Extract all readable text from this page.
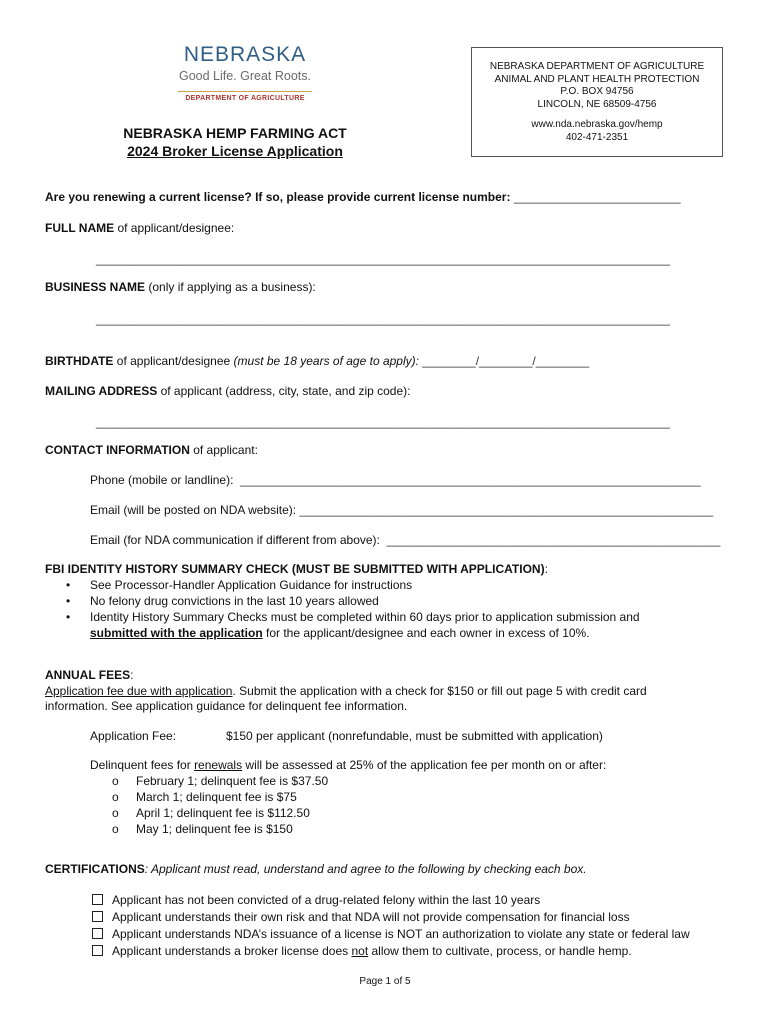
NEBRASKA
Good Life. Great Roots.
DEPARTMENT OF AGRICULTURE
NEBRASKA HEMP FARMING ACT
2024 Broker License Application
NEBRASKA DEPARTMENT OF AGRICULTURE
ANIMAL AND PLANT HEALTH PROTECTION
P.O. BOX 94756
LINCOLN, NE 68509-4756
www.nda.nebraska.gov/hemp
402-471-2351
Are you renewing a current license? If so, please provide current license number: _________________________
FULL NAME of applicant/designee:
______________________________________________________________________________________
BUSINESS NAME (only if applying as a business):
______________________________________________________________________________________
BIRTHDATE of applicant/designee (must be 18 years of age to apply): ________/________/________
MAILING ADDRESS of applicant (address, city, state, and zip code):
______________________________________________________________________________________
CONTACT INFORMATION of applicant:
Phone (mobile or landline): _____________________________________________________________________
Email (will be posted on NDA website): ______________________________________________________________
Email (for NDA communication if different from above): __________________________________________________
FBI IDENTITY HISTORY SUMMARY CHECK (MUST BE SUBMITTED WITH APPLICATION):
• See Processor-Handler Application Guidance for instructions
• No felony drug convictions in the last 10 years allowed
• Identity History Summary Checks must be completed within 60 days prior to application submission and
submitted with the application for the applicant/designee and each owner in excess of 10%.
ANNUAL FEES:
Application fee due with application. Submit the application with a check for $150 or fill out page 5 with credit card
information. See application guidance for delinquent fee information.
Application Fee:	$150 per applicant (nonrefundable, must be submitted with application)
Delinquent fees for renewals will be assessed at 25% of the application fee per month on or after:
o February 1; delinquent fee is $37.50
o March 1; delinquent fee is $75
o April 1; delinquent fee is $112.50
o May 1; delinquent fee is $150
CERTIFICATIONS: Applicant must read, understand and agree to the following by checking each box.
Applicant has not been convicted of a drug-related felony within the last 10 years
Applicant understands their own risk and that NDA will not provide compensation for financial loss
Applicant understands NDA’s issuance of a license is NOT an authorization to violate any state or federal law
Applicant understands a broker license does not allow them to cultivate, process, or handle hemp.
Page 1 of 5
